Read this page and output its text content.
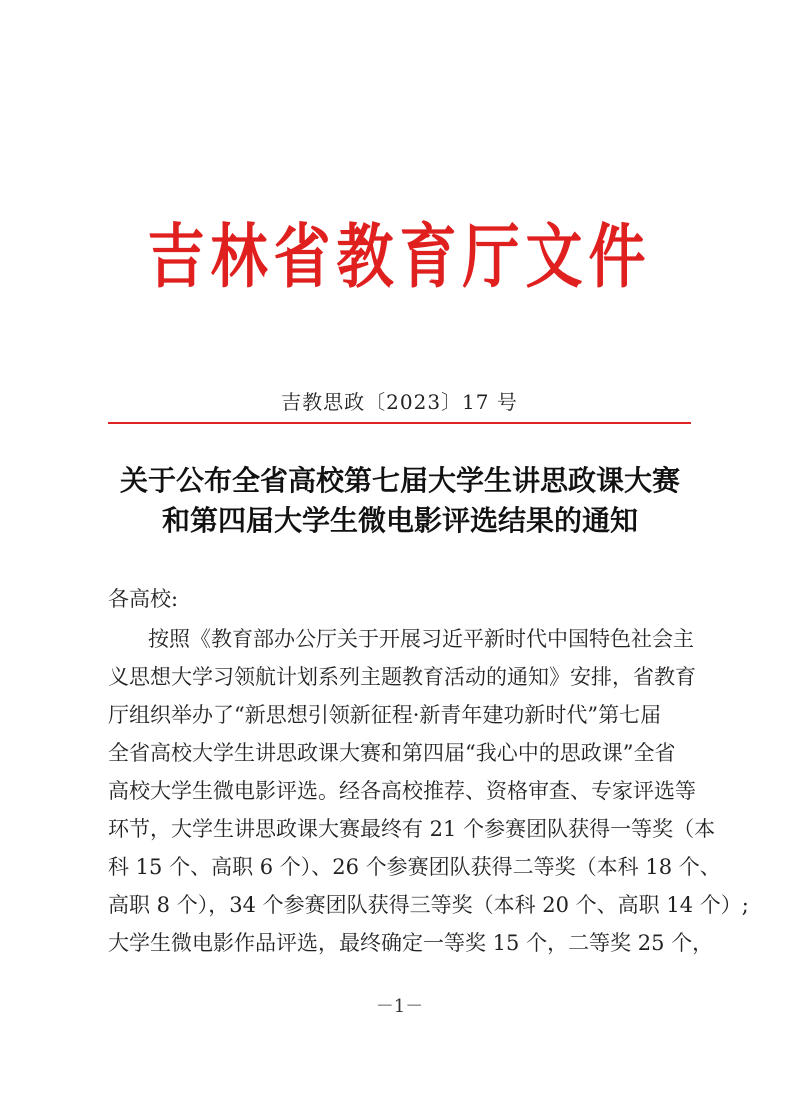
吉林省教育厅文件
吉教思政〔2023〕17 号
关于公布全省高校第七届大学生讲思政课大赛
和第四届大学生微电影评选结果的通知
各高校:
按照《教育部办公厅关于开展习近平新时代中国特色社会主
义思想大学习领航计划系列主题教育活动的通知》安排，省教育
厅组织举办了“新思想引领新征程·新青年建功新时代”第七届
全省高校大学生讲思政课大赛和第四届“我心中的思政课”全省
高校大学生微电影评选。经各高校推荐、资格审查、专家评选等
环节，大学生讲思政课大赛最终有 21 个参赛团队获得一等奖（本
科 15 个、高职 6 个）、26 个参赛团队获得二等奖（本科 18 个、
高职 8 个），34 个参赛团队获得三等奖（本科 20 个、高职 14 个）;
大学生微电影作品评选，最终确定一等奖 15 个，二等奖 25 个，
－1－
